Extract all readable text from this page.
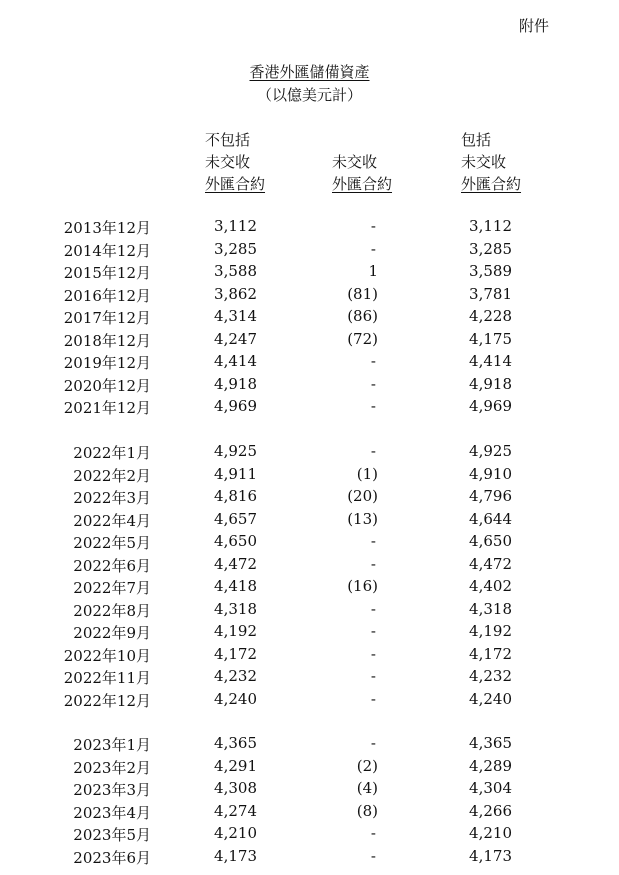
附件
香港外匯儲備資產
（以億美元計）
不包括
未交收
外匯合約
未交收
外匯合約
包括
未交收
外匯合約
2013年12月	3,112	-	3,112
2014年12月	3,285	-	3,285
2015年12月	3,588	1	3,589
2016年12月	3,862	(81)	3,781
2017年12月	4,314	(86)	4,228
2018年12月	4,247	(72)	4,175
2019年12月	4,414	-	4,414
2020年12月	4,918	-	4,918
2021年12月	4,969	-	4,969
2022年1月	4,925	-	4,925
2022年2月	4,911	(1)	4,910
2022年3月	4,816	(20)	4,796
2022年4月	4,657	(13)	4,644
2022年5月	4,650	-	4,650
2022年6月	4,472	-	4,472
2022年7月	4,418	(16)	4,402
2022年8月	4,318	-	4,318
2022年9月	4,192	-	4,192
2022年10月	4,172	-	4,172
2022年11月	4,232	-	4,232
2022年12月	4,240	-	4,240
2023年1月	4,365	-	4,365
2023年2月	4,291	(2)	4,289
2023年3月	4,308	(4)	4,304
2023年4月	4,274	(8)	4,266
2023年5月	4,210	-	4,210
2023年6月	4,173	-	4,173
